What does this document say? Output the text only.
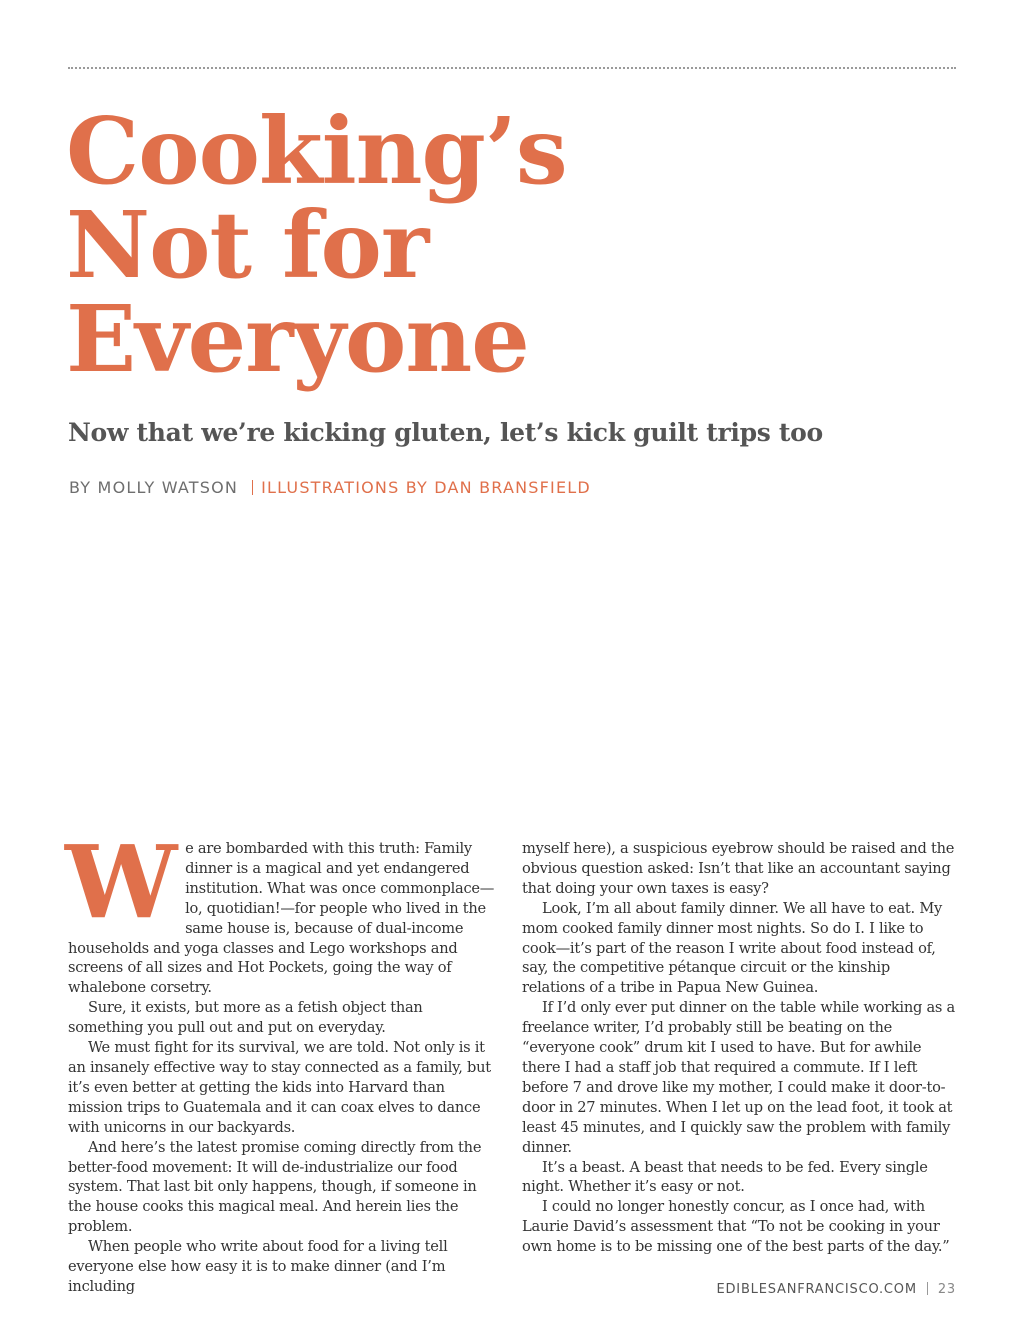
Cooking’s
Not for
Everyone
Now that we’re kicking gluten, let’s kick guilt trips too
BY MOLLY WATSON ILLUSTRATIONS BY DAN BRANSFIELD

We are bombarded with this truth: Family dinner is a magical and yet endangered institution. What was once commonplace—lo, quotidian!—for people who lived in the same house is, because of dual-income households and yoga classes and Lego workshops and screens of all sizes and Hot Pockets, going the way of whalebone corsetry.

Sure, it exists, but more as a fetish object than something you pull out and put on everyday.

We must fight for its survival, we are told. Not only is it an insanely effective way to stay connected as a family, but it’s even better at getting the kids into Harvard than mission trips to Guatemala and it can coax elves to dance with unicorns in our backyards.

And here’s the latest promise coming directly from the better-food movement: It will de-industrialize our food system. That last bit only happens, though, if someone in the house cooks this magical meal. And herein lies the problem.

When people who write about food for a living tell everyone else how easy it is to make dinner (and I’m including

myself here), a suspicious eyebrow should be raised and the obvious question asked: Isn’t that like an accountant saying that doing your own taxes is easy?

Look, I’m all about family dinner. We all have to eat. My mom cooked family dinner most nights. So do I. I like to cook—it’s part of the reason I write about food instead of, say, the competitive pétanque circuit or the kinship relations of a tribe in Papua New Guinea.

If I’d only ever put dinner on the table while working as a freelance writer, I’d probably still be beating on the “everyone cook” drum kit I used to have. But for awhile there I had a staff job that required a commute. If I left before 7 and drove like my mother, I could make it door-to-door in 27 minutes. When I let up on the lead foot, it took at least 45 minutes, and I quickly saw the problem with family dinner.

It’s a beast. A beast that needs to be fed. Every single night. Whether it’s easy or not.

I could no longer honestly concur, as I once had, with Laurie David’s assessment that “To not be cooking in your own home is to be missing one of the best parts of the day.”

EDIBLESANFRANCISCO.COM 23
